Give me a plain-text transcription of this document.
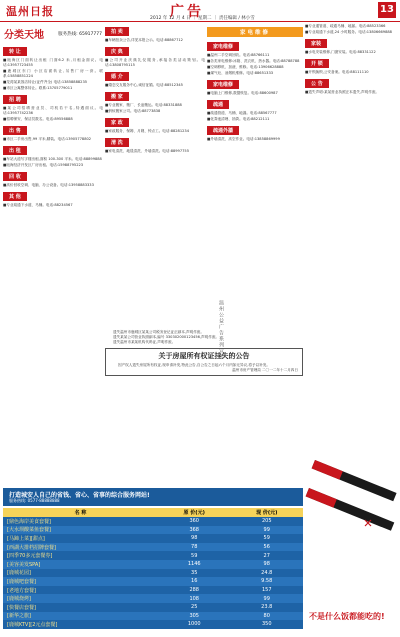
温州日报	广告
2012 年 12 月 4 日 ｜ 星期二 ｜ 责任编辑 / 林小雪
13
分类天地	服务热线: 65917777
转 让
■瓯海区门面转让出租 门面6.2 米,月租金面议。电话:13957723455
■鹿城区东门 小区店面转让,另售厂房一套。联系:15858851224
■龙湾某某饭店转让(证件齐全) 电话:13858888235
■市区公寓整体转让。联系:13705779011
招 聘
■某公司招聘营业员、司机若干名,待遇面议。电话:13957742236
■招聘保安、保洁员数名。电话:89556888
出 售
■市区二手房出售,99 平米,精装。电话:13905778802
出 租
■车站大道写字楼出租,面积 100-300 平米。电话:88899888
■瓯海经济开发区厂房出租。电话:15988795223
回 收
■高价回收空调、电脑、办公设备。电话:13958883333
其 他
■专业疏通下水道、马桶。电话:88234567
拍 卖
■车辆拍卖公告,详见本报公示。电话:88867712
庆 典
■公司开业庆典礼仪服务,承接各类活动策划。电话:13808795115
婚 介
■婚恋交友服务中心,诚信征婚。电话:88512345
搬 家
■专业搬家、搬厂、长途搬运。电话:88331888
■蚂蚁搬家公司。电话:88773838
家 政
■家政服务、保姆、月嫂、钟点工。电话:88281234
清 洗
■家电清洗、地毯清洗、外墙清洗。电话:88997755
家电维修
家电维修
■温州二手空调回收。电话:88766111
■各类家电维修:冰箱、洗衣机、热水器。电话:88788788
■空调移机、加液、维修。电话:13906628888
■煤气灶、油烟机维修。电话:88651333
家电维修
■电脑上门维修,数据恢复。电话:88600987
疏通
■疏通管道、马桶、地漏。电话:88567777
■化粪池清理、抽粪。电话:88212111
疏通外牆
■外墙清洗、高空作业。电话:13858869999
■专业通管道、疏通马桶、地漏。电话:88523366
■专业疏通下水道,24 小时服务。电话:13806669888
家装
■水电安装维修,门窗安装。电话:88331122
开 锁
■开锁换锁,公安备案。电话:88111110
公 告
■遗失声明:某某营业执照正本遗失,声明作废。
温州公益广告系列宣传

遗失温州市鹿城区某某公司税务登记证正副本,声明作废。

遗失某某公司营业执照副本,编号 330302000123456,声明作废。

遗失温州市某某机构代码证,声明作废。

关于房屋所有权证挂失的公告

因产权人遗失房屋所有权证,现申请补发,特此公告,自公告之日起六个月内如无异议,将予以补发。

温州市房产管理局 二〇一二年十二月四日

不是什么饭都能吃的!
打造城安人自己的省钱、省心、省事的综合服务网站!
服务热线: 0577-88888888
名 称	原 价(元)	现 价(元)
[鼎色海岸美食套餐]	360	205
[大水坝酸菜鱼套餐]	368	99
[马蹄上菜][甜点]	98	59
[西湖大排档招牌套餐]	78	56
[四季70多元套餐券]	59	27
[美容美发SPA]	1146	98
[鹿城花园]	35	24.8
[鹿城吧套餐]	16	9.58
[老地方套餐]	288	157
[鹿城烧烤]	108	99
[快餐店套餐]	25	23.8
[新华之旅]	305	80
[鹿城KTV][2元点套餐]	1000	350
